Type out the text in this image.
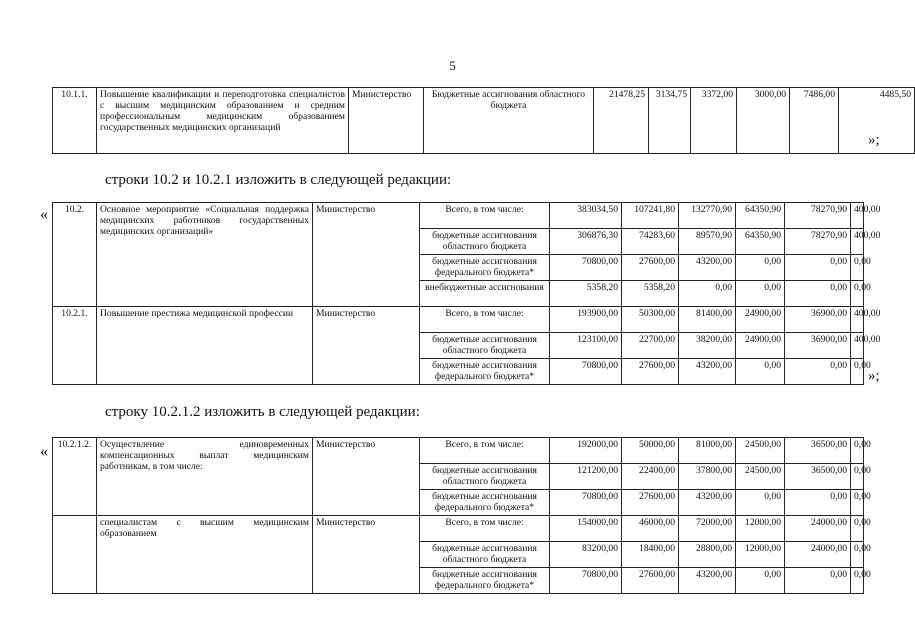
5
10.1.1.	Повышение квалификации и переподготовка специалистов с высшим медицинским образованием и средним профессиональным медицинским образованием государственных медицинских организаций	Министерство	Бюджетные ассигнования областного бюджета	21478,25	3134,75	3372,00	3000,00	7486,00	4485,50
»;
строки 10.2 и 10.2.1 изложить в следующей редакции:
« 10.2.	Основное мероприятие «Социальная поддержка медицинских работников государственных медицинских организаций»	Министерство	Всего, в том числе:	383034,50	107241,80	132770,90	64350,90	78270,90	400,00
			бюджетные ассигнования областного бюджета	306876,30	74283,60	89570,90	64350,90	78270,90	400,00
			бюджетные ассигнования федерального бюджета*	70800,00	27600,00	43200,00	0,00	0,00	0,00
			внебюджетные ассигнования	5358,20	5358,20	0,00	0,00	0,00	0,00
10.2.1.	Повышение престижа медицинской профессии	Министерство	Всего, в том числе:	193900,00	50300,00	81400,00	24900,00	36900,00	400,00
			бюджетные ассигнования областного бюджета	123100,00	22700,00	38200,00	24900,00	36900,00	400,00
			бюджетные ассигнования федерального бюджета*	70800,00	27600,00	43200,00	0,00	0,00	0,00
»;
строку 10.2.1.2 изложить в следующей редакции:
« 10.2.1.2.	Осуществление единовременных компенсационных выплат медицинским работникам, в том числе:	Министерство	Всего, в том числе:	192000,00	50000,00	81000,00	24500,00	36500,00	0,00
			бюджетные ассигнования областного бюджета	121200,00	22400,00	37800,00	24500,00	36500,00	0,00
			бюджетные ассигнования федерального бюджета*	70800,00	27600,00	43200,00	0,00	0,00	0,00
	специалистам с высшим медицинским образованием	Министерство	Всего, в том числе:	154000,00	46000,00	72000,00	12000,00	24000,00	0,00
			бюджетные ассигнования областного бюджета	83200,00	18400,00	28800,00	12000,00	24000,00	0,00
			бюджетные ассигнования федерального бюджета*	70800,00	27600,00	43200,00	0,00	0,00	0,00
